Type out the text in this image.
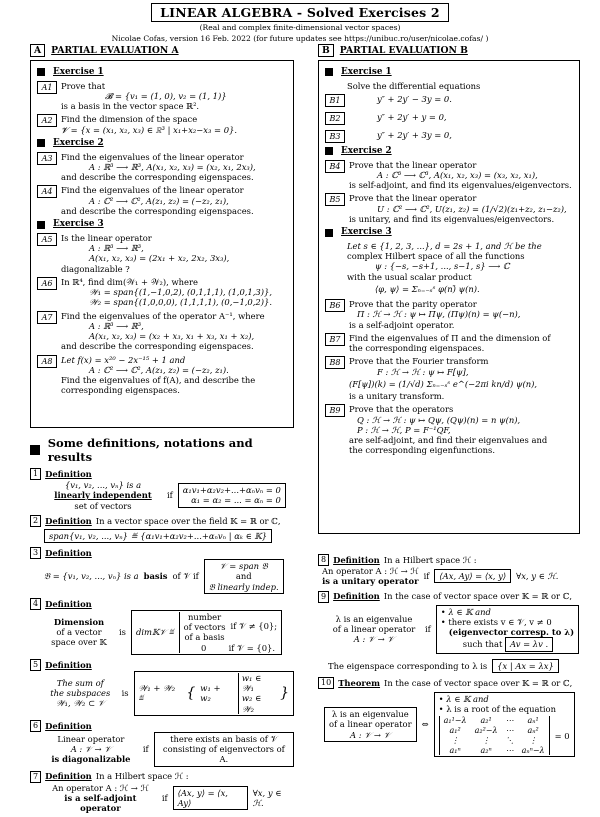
LINEAR ALGEBRA - Solved Exercises 2
(Real and complex finite-dimensional vector spaces)
Nicolae Cofas, version 16 Feb. 2022 (for future updates see https://unibuc.ro/user/nicolae.cofas/ )
A	PARTIAL EVALUATION A
Exercise 1
A1	Prove that
𝓑 = {v₁ = (1, 0), v₂ = (1, 1)}
is a basis in the vector space ℝ².
A2	Find the dimension of the space
𝓥 = {x = (x₁, x₂, x₃) ∈ ℝ³ | x₁+x₂−x₃ = 0}.
Exercise 2
A3	Find the eigenvalues of the linear operator
A : ℝ³ ⟶ ℝ³, A(x₁, x₂, x₃) = (x₂, x₁, 2x₃),
and describe the corresponding eigenspaces.
A4	Find the eigenvalues of the linear operator
A : ℂ² ⟶ ℂ², A(z₁, z₂) = (−z₂, z₁),
and describe the corresponding eigenspaces.
Exercise 3
A5	Is the linear operator
A : ℝ³ ⟶ ℝ³,
A(x₁, x₂, x₃) = (2x₁ + x₂, 2x₂, 3x₃),
diagonalizable ?
A6	In ℝ⁴, find dim(𝒲₁ + 𝒲₂), where
𝒲₁ = span{(1,−1,0,2), (0,1,1,1), (1,0,1,3)},
𝒲₂ = span{(1,0,0,0), (1,1,1,1), (0,−1,0,2)}.
A7	Find the eigenvalues of the operator A⁻¹, where
A : ℝ³ ⟶ ℝ³,
A(x₁, x₂, x₃) = (x₂ + x₃, x₁ + x₃, x₁ + x₂),
and describe the corresponding eigenspaces.
A8	Let f(x) = x²⁰ − 2x⁻¹⁵ + 1 and
A : ℂ² ⟶ ℂ², A(z₁, z₂) = (−z₂, z₁).
Find the eigenvalues of f(A), and describe the
corresponding eigenspaces.
Some definitions, notations and results
1 Definition
{v₁, v₂, ..., vₙ} is a
linearly independent
set of vectors
if
α₁v₁+α₂v₂+...+αₙvₙ = 0
α₁ = α₂ = ... = αₙ = 0
2 Definition In a vector space over the field 𝕂 = ℝ or ℂ,
span{v₁, v₂, ..., vₙ} ≝ {α₁v₁+α₂v₂+...+αₙvₙ | αₖ ∈ 𝕂}
3 Definition
𝔅 = {v₁, v₂, ..., vₙ} is a basis of 𝒱 if
𝒱 = span 𝔅
and
𝔅 linearly indep.
4 Definition
Dimension
of a vector
space over 𝕂
is dim𝕂𝒱 ≝
number
of vectors
of a basis
if 𝒱 ≠ {0};
0	if 𝒱 = {0}.
5 Definition
The sum of
the subspaces
𝒲₁, 𝒲₂ ⊂ 𝒱
is
𝒲₁ + 𝒲₂ ≝	{ w₁ + w₂
w₁ ∈ 𝒲₁
w₂ ∈ 𝒲₂
}
6 Definition
Linear operator
A : 𝒱 → 𝒱
is diagonalizable
if
there exists an basis of 𝒱
consisting of eigenvectors of A.
7 Definition In a Hilbert space ℋ :
An operator A : ℋ → ℋ
is a self-adjoint operator
if
⟨Ax, y⟩ = ⟨x, Ay⟩
∀x, y ∈ ℋ.
B	PARTIAL EVALUATION B
Exercise 1
Solve the differential equations
B1	y″ + 2y′ − 3y = 0.
B2	y″ + 2y′ + y = 0,
B3	y″ + 2y′ + 3y = 0,
Exercise 2
B4	Prove that the linear operator
A : ℂ³ ⟶ ℂ³, A(x₁, x₂, x₃) = (x₃, x₂, x₁),
is self-adjoint, and find its eigenvalues/eigenvectors.
B5	Prove that the linear operator
U : ℂ² ⟶ ℂ², U(z₁, z₂) = (1/√2)(z₁+z₂, z₁−z₂),
is unitary, and find its eigenvalues/eigenvectors.
Exercise 3
Let s ∈ {1, 2, 3, ...}, d = 2s + 1, and ℋ be the
complex Hilbert space of all the functions
ψ : {−s, −s+1, ..., s−1, s} ⟶ ℂ
with the usual scalar product
⟨φ, ψ⟩ = Σₙ₌₋ₛˢ φ(n)̄ ψ(n).
B6	Prove that the parity operator
Π : ℋ → ℋ : ψ ↦ Πψ, (Πψ)(n) = ψ(−n),
is a self-adjoint operator.
B7	Find the eigenvalues of Π and the dimension of
the corresponding eigenspaces.
B8	Prove that the Fourier transform
F : ℋ → ℋ : ψ ↦ F[ψ],
(F[ψ])(k) = (1/√d) Σₙ₌₋ₛˢ e^(−2πi kn/d) ψ(n),
is a unitary transform.
B9	Prove that the operators
Q : ℋ → ℋ : ψ ↦ Qψ, (Qψ)(n) = n ψ(n),
P : ℋ → ℋ, P = F⁻¹QF,
are self-adjoint, and find their eigenvalues and
the corresponding eigenfunctions.
8 Definition In a Hilbert space ℋ :
An operator A : ℋ → ℋ
is a unitary operator
if	⟨Ax, Ay⟩ = ⟨x, y⟩	∀x, y ∈ ℋ.
9 Definition In the case of vector space over 𝕂 = ℝ or ℂ,
λ is an eigenvalue
of a linear operator
A : 𝒱 → 𝒱
if
• λ ∈ 𝕂 and
• there exists v ∈ 𝒱, v ≠ 0
(eigenvector corresp. to λ)
such that Av = λv .
The eigenspace corresponding to λ is	{x | Ax = λx}
10 Theorem In the case of vector space over 𝕂 = ℝ or ℂ,
λ is an eigenvalue
of a linear operator
A : 𝒱 → 𝒱
⇔
• λ ∈ 𝕂 and
• λ is a root of the equation
a₁¹−λ	a₂¹	⋯	aₙ¹
a₁²	a₂²−λ	⋯	aₙ²
⋮	⋮	⋱	⋮
a₁ⁿ	a₂ⁿ	⋯	aₙⁿ−λ
= 0
